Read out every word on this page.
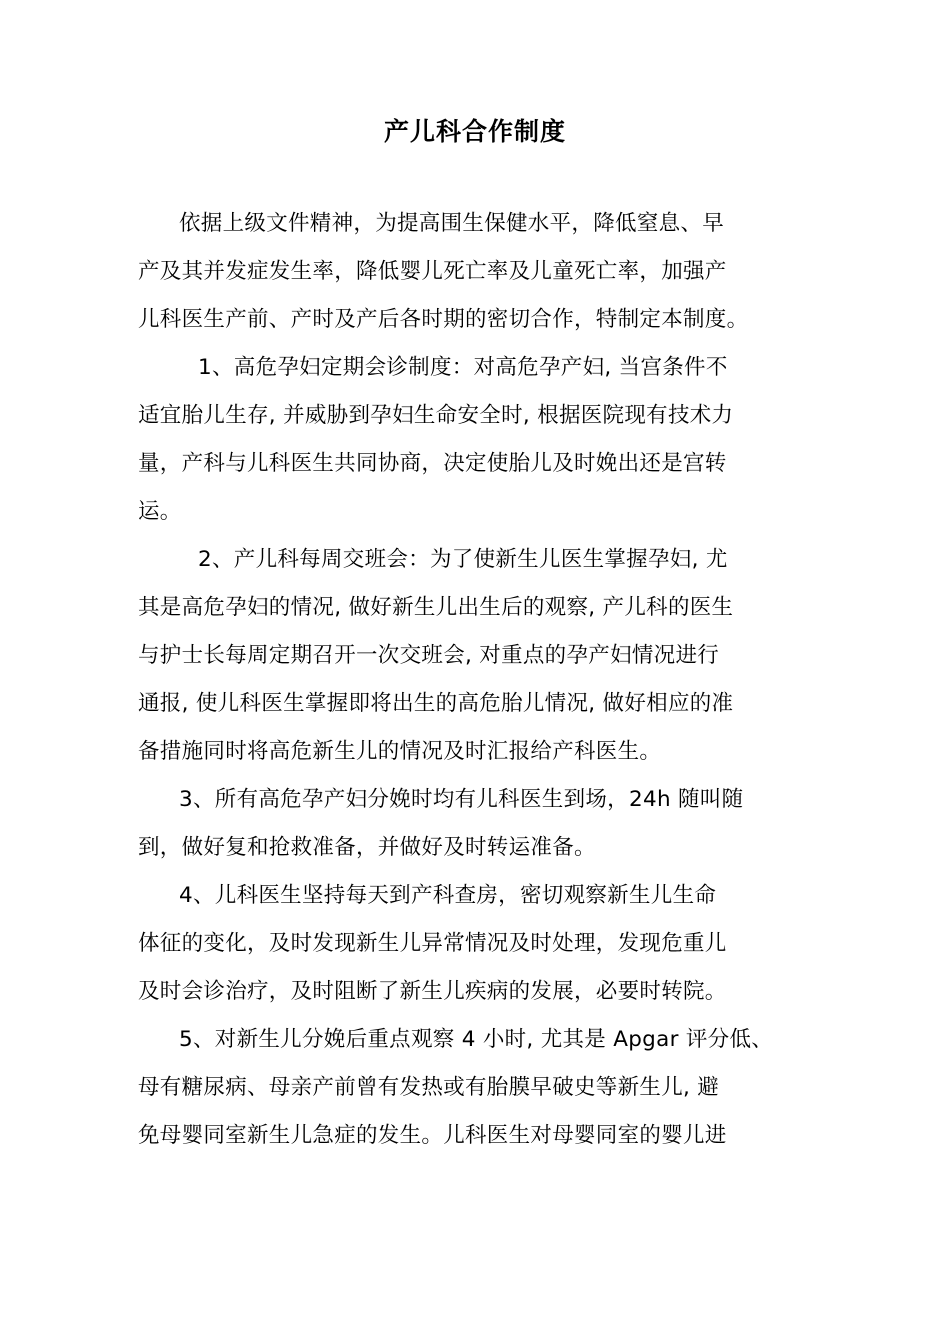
产儿科合作制度
依据上级文件精神，为提高围生保健水平，降低窒息、早
产及其并发症发生率，降低婴儿死亡率及儿童死亡率，加强产
儿科医生产前、产时及产后各时期的密切合作，特制定本制度。
1、高危孕妇定期会诊制度：对高危孕产妇, 当宫条件不
适宜胎儿生存, 并威胁到孕妇生命安全时, 根据医院现有技术力
量，产科与儿科医生共同协商，决定使胎儿及时娩出还是宫转
运。
2、产儿科每周交班会：为了使新生儿医生掌握孕妇, 尤
其是高危孕妇的情况, 做好新生儿出生后的观察, 产儿科的医生
与护士长每周定期召开一次交班会, 对重点的孕产妇情况进行
通报, 使儿科医生掌握即将出生的高危胎儿情况, 做好相应的准
备措施同时将高危新生儿的情况及时汇报给产科医生。
3、所有高危孕产妇分娩时均有儿科医生到场，24h 随叫随
到，做好复和抢救准备，并做好及时转运准备。
4、儿科医生坚持每天到产科查房，密切观察新生儿生命
体征的变化，及时发现新生儿异常情况及时处理，发现危重儿
及时会诊治疗，及时阻断了新生儿疾病的发展，必要时转院。
5、对新生儿分娩后重点观察 4 小时, 尤其是 Apgar 评分低、
母有糖尿病、母亲产前曾有发热或有胎膜早破史等新生儿, 避
免母婴同室新生儿急症的发生。儿科医生对母婴同室的婴儿进
